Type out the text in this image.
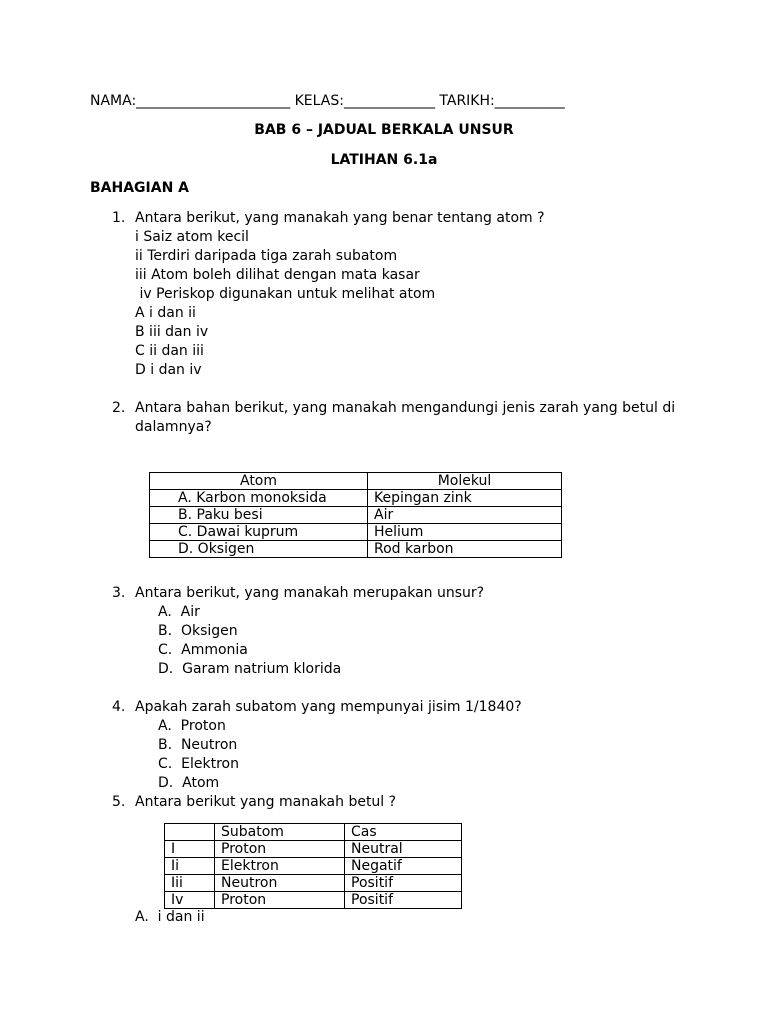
NAMA:______________________ KELAS:_____________ TARIKH:__________
BAB 6 – JADUAL BERKALA UNSUR
LATIHAN 6.1a
BAHAGIAN A
1. Antara berikut, yang manakah yang benar tentang atom ?
i Saiz atom kecil
ii Terdiri daripada tiga zarah subatom
iii Atom boleh dilihat dengan mata kasar
iv Periskop digunakan untuk melihat atom
A i dan ii
B iii dan iv
C ii dan iii
D i dan iv
2. Antara bahan berikut, yang manakah mengandungi jenis zarah yang betul di
dalamnya?
Atom	Molekul
A. Karbon monoksida	Kepingan zink
B. Paku besi	Air
C. Dawai kuprum	Helium
D. Oksigen	Rod karbon
3. Antara berikut, yang manakah merupakan unsur?
A.  Air
B.  Oksigen
C.  Ammonia
D.  Garam natrium klorida
4. Apakah zarah subatom yang mempunyai jisim 1/1840?
A.  Proton
B.  Neutron
C.  Elektron
D.  Atom
5. Antara berikut yang manakah betul ?
	Subatom	Cas
I	Proton	Neutral
Ii	Elektron	Negatif
Iii	Neutron	Positif
Iv	Proton	Positif
A.  i dan ii
